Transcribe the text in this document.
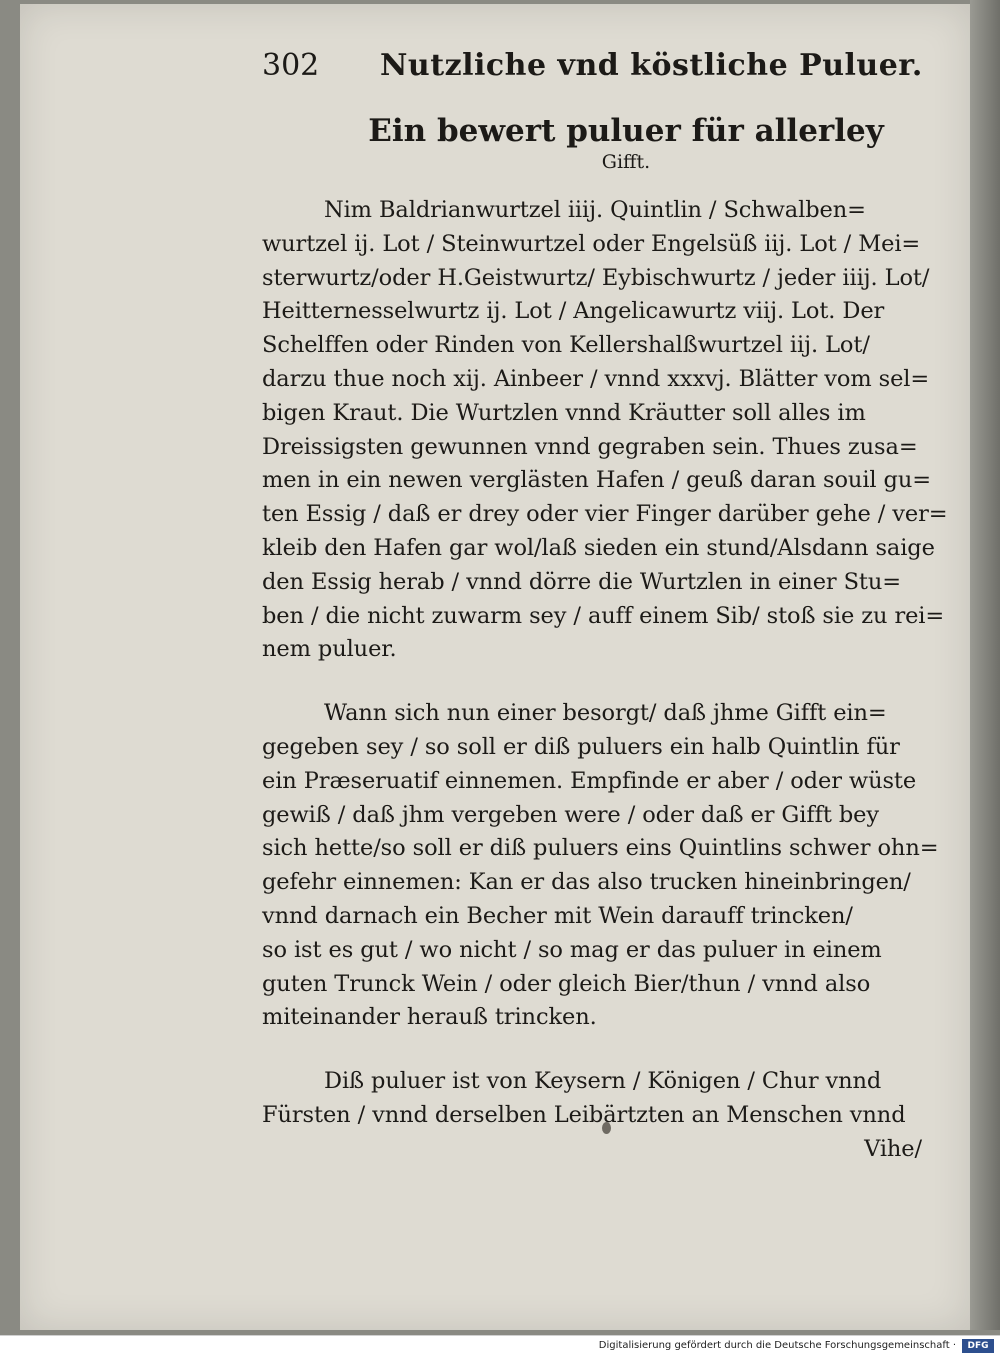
302	Nutzliche vnd köstliche Puluer.
Ein bewert puluer für allerley
Gifft.

Nim Baldrianwurtzel iiij. Quintlin / Schwalben=
wurtzel ij. Lot / Steinwurtzel oder Engelsüß iij. Lot / Mei=
sterwurtz/oder H.Geistwurtz/ Eybischwurtz / jeder iiij. Lot/
Heitternesselwurtz ij. Lot / Angelicawurtz viij. Lot. Der
Schelffen oder Rinden von Kellershalßwurtzel iij. Lot/
darzu thue noch xij. Ainbeer / vnnd xxxvj. Blätter vom sel=
bigen Kraut. Die Wurtzlen vnnd Kräutter soll alles im
Dreissigsten gewunnen vnnd gegraben sein. Thues zusa=
men in ein newen verglästen Hafen / geuß daran souil gu=
ten Essig / daß er drey oder vier Finger darüber gehe / ver=
kleib den Hafen gar wol/laß sieden ein stund/Alsdann saige
den Essig herab / vnnd dörre die Wurtzlen in einer Stu=
ben / die nicht zuwarm sey / auff einem Sib/ stoß sie zu rei=
nem puluer.

Wann sich nun einer besorgt/ daß jhme Gifft ein=
gegeben sey / so soll er diß puluers ein halb Quintlin für
ein Præseruatif einnemen. Empfinde er aber / oder wüste
gewiß / daß jhm vergeben were / oder daß er Gifft bey
sich hette/so soll er diß puluers eins Quintlins schwer ohn=
gefehr einnemen: Kan er das also trucken hineinbringen/
vnnd darnach ein Becher mit Wein darauff trincken/
so ist es gut / wo nicht / so mag er das puluer in einem
guten Trunck Wein / oder gleich Bier/thun / vnnd also
miteinander herauß trincken.

Diß puluer ist von Keysern / Königen / Chur vnnd
Fürsten / vnnd derselben Leibärtzten an Menschen vnnd
Vihe/

Digitalisierung gefördert durch die Deutsche Forschungsgemeinschaft ·	DFG
